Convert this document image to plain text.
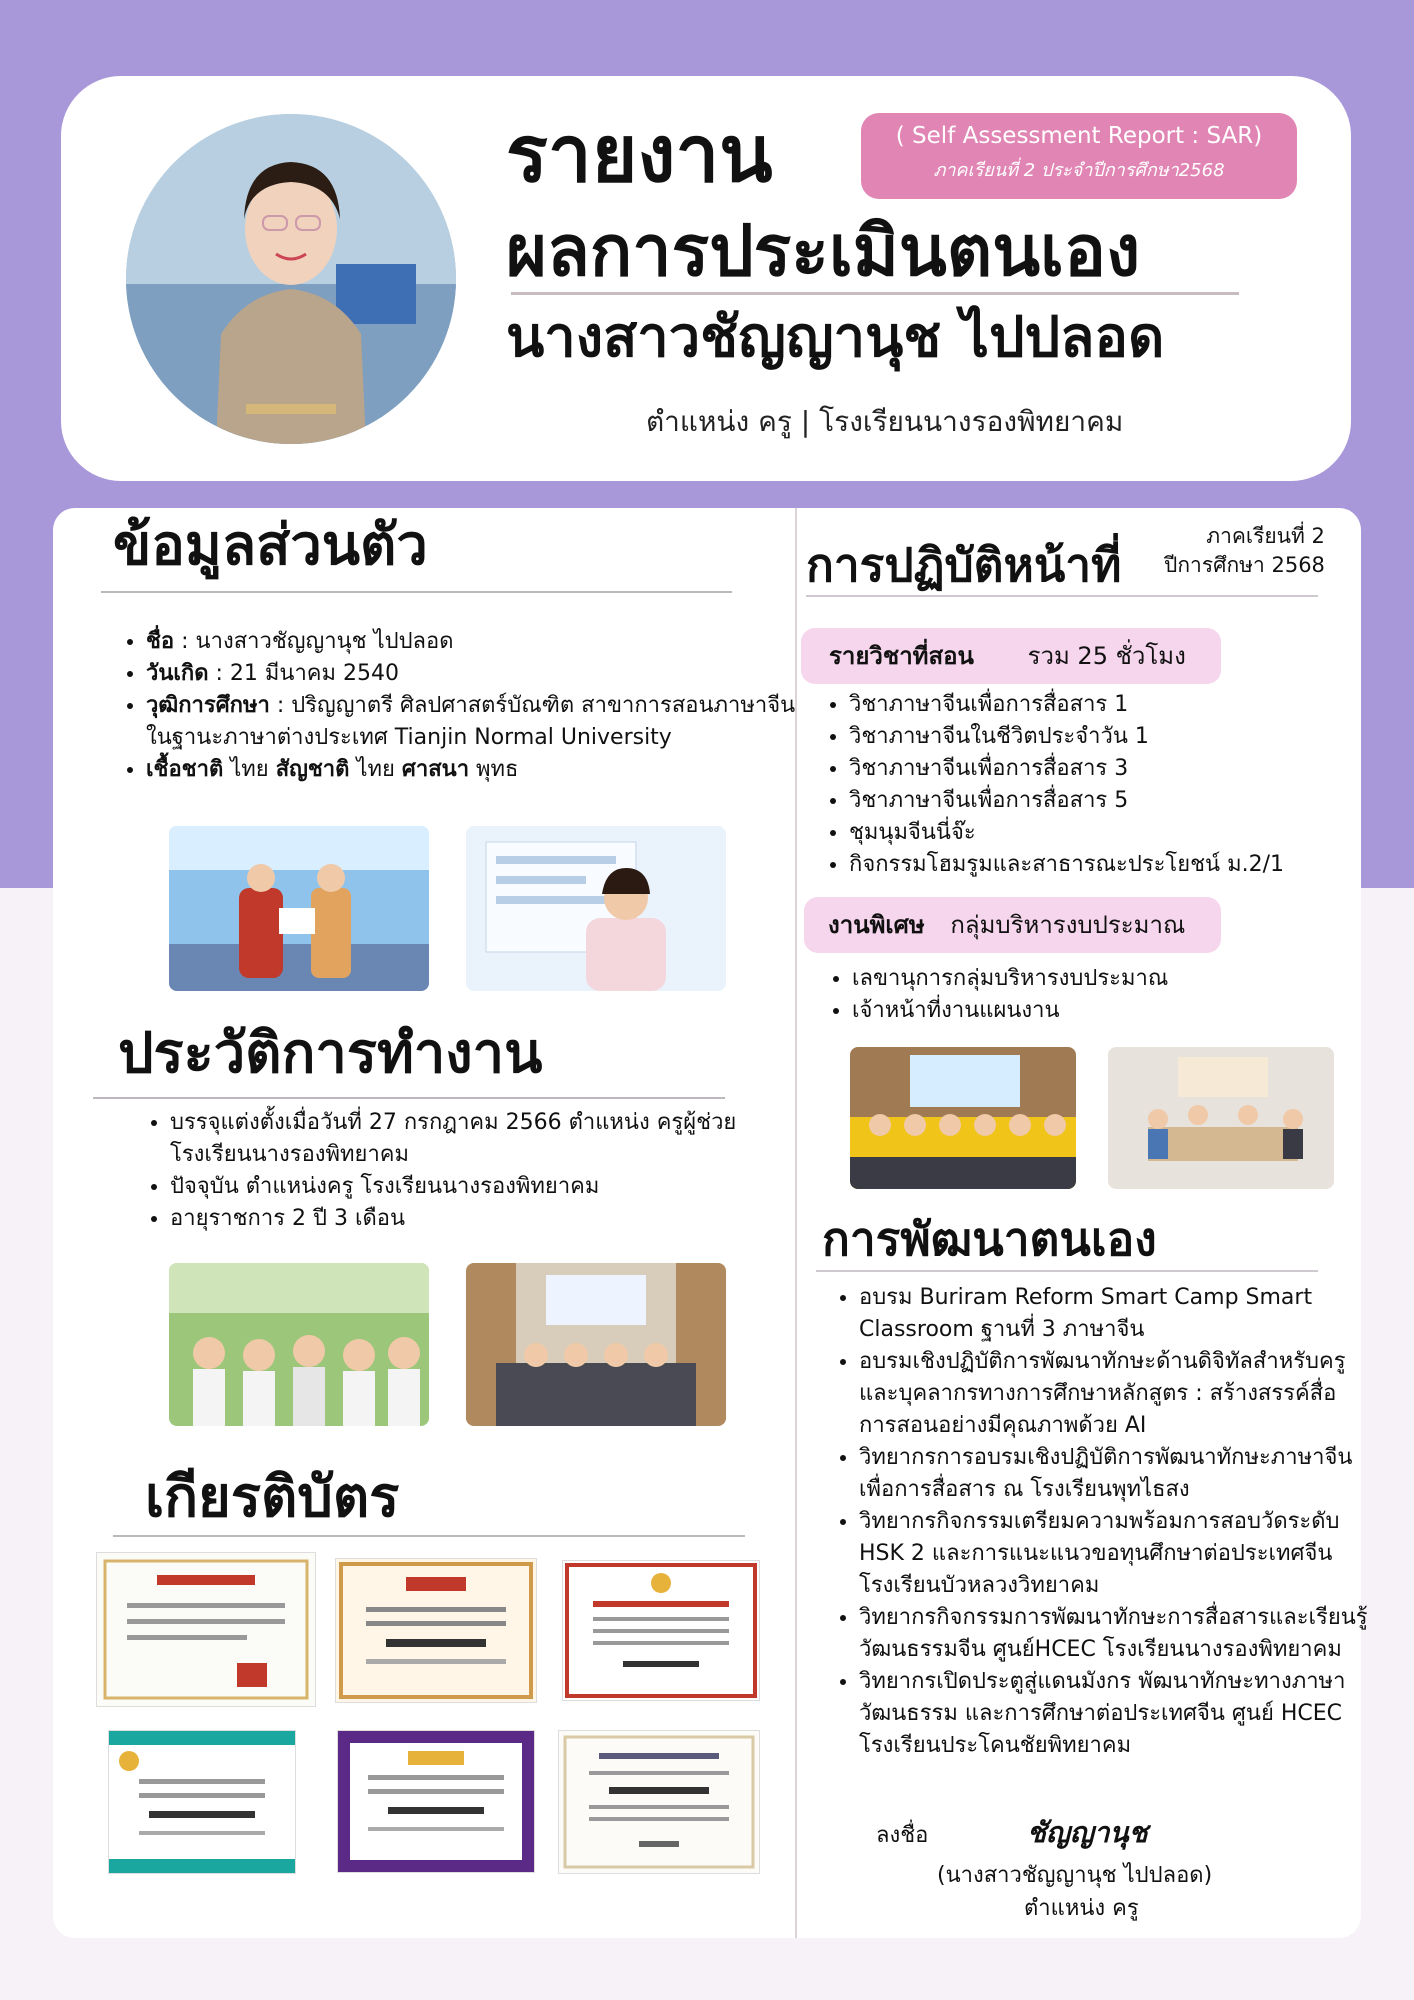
รายงาน	( Self Assessment Report : SAR)
ภาคเรียนที่ 2 ประจำปีการศึกษา2568
ผลการประเมินตนเอง
นางสาวชัญญานุช ไปปลอด
ตำแหน่ง ครู | โรงเรียนนางรองพิทยาคม
ข้อมูลส่วนตัว
• ชื่อ : นางสาวชัญญานุช ไปปลอด
• วันเกิด : 21 มีนาคม 2540
• วุฒิการศึกษา : ปริญญาตรี ศิลปศาสตร์บัณฑิต สาขาการสอนภาษาจีนในฐานะภาษาต่างประเทศ Tianjin Normal University
• เชื้อชาติ ไทย สัญชาติ ไทย ศาสนา พุทธ
ประวัติการทำงาน
• บรรจุแต่งตั้งเมื่อวันที่ 27 กรกฎาคม 2566 ตำแหน่ง ครูผู้ช่วย โรงเรียนนางรองพิทยาคม
• ปัจจุบัน ตำแหน่งครู โรงเรียนนางรองพิทยาคม
• อายุราชการ 2 ปี 3 เดือน
เกียรติบัตร
การปฏิบัติหน้าที่
ภาคเรียนที่ 2
ปีการศึกษา 2568
รายวิชาที่สอน รวม 25 ชั่วโมง
• วิชาภาษาจีนเพื่อการสื่อสาร 1
• วิชาภาษาจีนในชีวิตประจำวัน 1
• วิชาภาษาจีนเพื่อการสื่อสาร 3
• วิชาภาษาจีนเพื่อการสื่อสาร 5
• ชุมนุมจีนนี่จ๊ะ
• กิจกรรมโฮมรูมและสาธารณะประโยชน์ ม.2/1
งานพิเศษ กลุ่มบริหารงบประมาณ
• เลขานุการกลุ่มบริหารงบประมาณ
• เจ้าหน้าที่งานแผนงาน
การพัฒนาตนเอง
• อบรม Buriram Reform Smart Camp Smart Classroom ฐานที่ 3 ภาษาจีน
• อบรมเชิงปฏิบัติการพัฒนาทักษะด้านดิจิทัลสำหรับครูและบุคลากรทางการศึกษาหลักสูตร : สร้างสรรค์สื่อการสอนอย่างมีคุณภาพด้วย AI
• วิทยากรการอบรมเชิงปฏิบัติการพัฒนาทักษะภาษาจีนเพื่อการสื่อสาร ณ โรงเรียนพุทไธสง
• วิทยากรกิจกรรมเตรียมความพร้อมการสอบวัดระดับ HSK 2 และการแนะแนวขอทุนศึกษาต่อประเทศจีน โรงเรียนบัวหลวงวิทยาคม
• วิทยากรกิจกรรมการพัฒนาทักษะการสื่อสารและเรียนรู้วัฒนธรรมจีน ศูนย์HCEC โรงเรียนนางรองพิทยาคม
• วิทยากรเปิดประตูสู่แดนมังกร พัฒนาทักษะทางภาษา วัฒนธรรม และการศึกษาต่อประเทศจีน ศูนย์ HCEC โรงเรียนประโคนชัยพิทยาคม
ลงชื่อ	ชัญญานุช
(นางสาวชัญญานุช ไปปลอด)
ตำแหน่ง ครู
